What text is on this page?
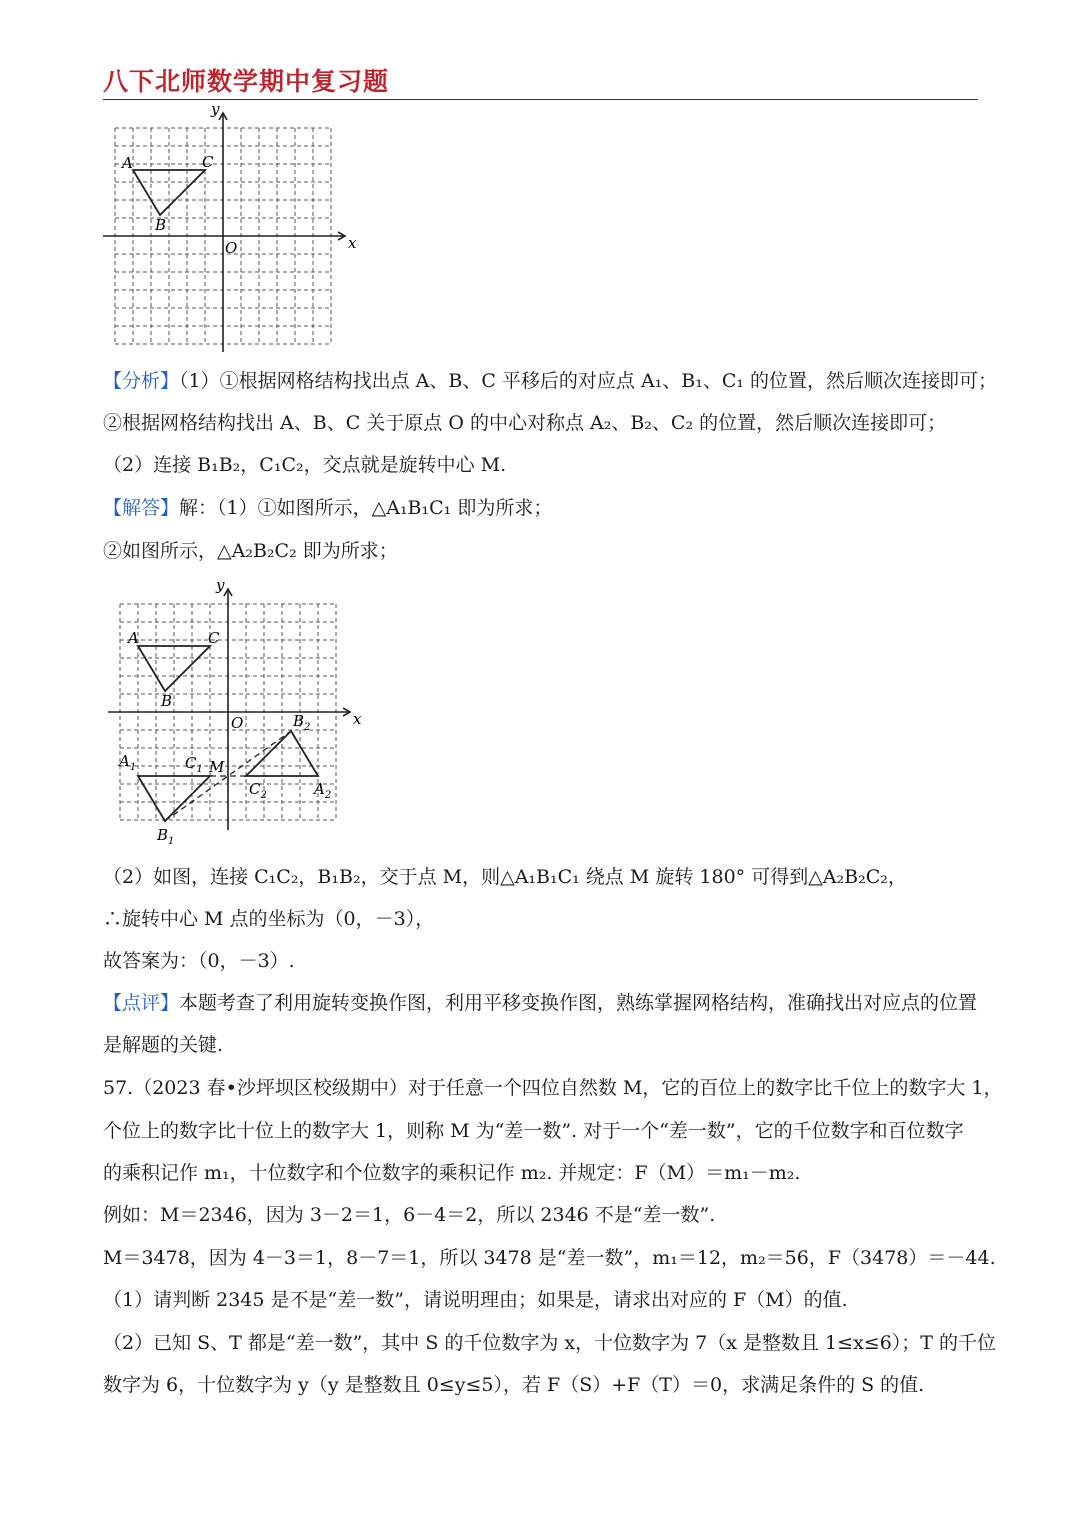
八下北师数学期中复习题
x
y
O
A	C
B
【分析】（1）①根据网格结构找出点 A、B、C 平移后的对应点 A₁、B₁、C₁ 的位置，然后顺次连接即可；
②根据网格结构找出 A、B、C 关于原点 O 的中心对称点 A₂、B₂、C₂ 的位置，然后顺次连接即可；
（2）连接 B₁B₂，C₁C₂，交点就是旋转中心 M.
【解答】解：（1）①如图所示，△A₁B₁C₁ 即为所求；
②如图所示，△A₂B₂C₂ 即为所求；
x
y
O
A	C
B
$A_1$	$C_1$ M
$B_1$
$B_2$
$C_2$	$A_2$
（2）如图，连接 C₁C₂，B₁B₂，交于点 M，则△A₁B₁C₁ 绕点 M 旋转 180° 可得到△A₂B₂C₂，
∴旋转中心 M 点的坐标为（0，－3），
故答案为：（0，－3）.
【点评】本题考查了利用旋转变换作图，利用平移变换作图，熟练掌握网格结构，准确找出对应点的位置
是解题的关键.
57.（2023 春•沙坪坝区校级期中）对于任意一个四位自然数 M，它的百位上的数字比千位上的数字大 1，
个位上的数字比十位上的数字大 1，则称 M 为“差一数”. 对于一个“差一数”，它的千位数字和百位数字
的乘积记作 m₁，十位数字和个位数字的乘积记作 m₂. 并规定：F（M）＝m₁－m₂.
例如：M＝2346，因为 3－2＝1，6－4＝2，所以 2346 不是“差一数”.
M＝3478，因为 4－3＝1，8－7＝1，所以 3478 是“差一数”，m₁＝12，m₂＝56，F（3478）＝－44.
（1）请判断 2345 是不是“差一数”，请说明理由；如果是，请求出对应的 F（M）的值.
（2）已知 S、T 都是“差一数”，其中 S 的千位数字为 x，十位数字为 7（x 是整数且 1≤x≤6）；T 的千位
数字为 6，十位数字为 y（y 是整数且 0≤y≤5），若 F（S）+F（T）＝0，求满足条件的 S 的值.
